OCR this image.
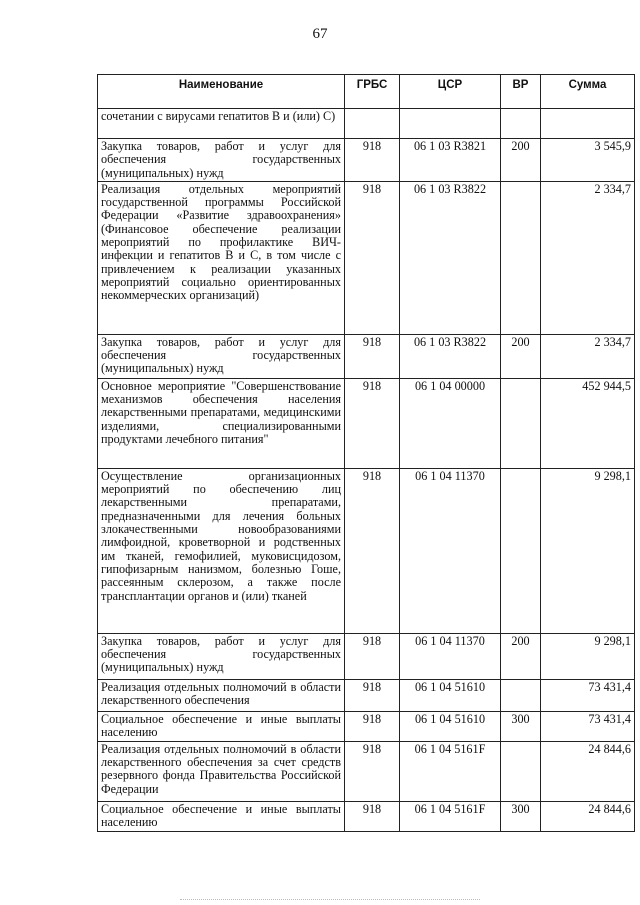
67
Наименование	ГРБС	ЦСР	ВР	Сумма
сочетании с вирусами гепатитов В и (или) С)				
Закупка товаров, работ и услуг для обеспечения государственных (муниципальных) нужд	918	06 1 03 R3821	200	3 545,9
Реализация отдельных мероприятий государственной программы Российской Федерации «Развитие здравоохранения» (Финансовое обеспечение реализации мероприятий по профилактике ВИЧ-инфекции и гепатитов В и С, в том числе с привлечением к реализации указанных мероприятий социально ориентированных некоммерческих организаций)	918	06 1 03 R3822		2 334,7
Закупка товаров, работ и услуг для обеспечения государственных (муниципальных) нужд	918	06 1 03 R3822	200	2 334,7
Основное мероприятие "Совершенствование механизмов обеспечения населения лекарственными препаратами, медицинскими изделиями, специализированными продуктами лечебного питания"	918	06 1 04 00000		452 944,5
Осуществление организационных мероприятий по обеспечению лиц лекарственными препаратами, предназначенными для лечения больных злокачественными новообразованиями лимфоидной, кроветворной и родственных им тканей, гемофилией, муковисцидозом, гипофизарным нанизмом, болезнью Гоше, рассеянным склерозом, а также после трансплантации органов и (или) тканей	918	06 1 04 11370		9 298,1
Закупка товаров, работ и услуг для обеспечения государственных (муниципальных) нужд	918	06 1 04 11370	200	9 298,1
Реализация отдельных полномочий в области лекарственного обеспечения	918	06 1 04 51610		73 431,4
Социальное обеспечение и иные выплаты населению	918	06 1 04 51610	300	73 431,4
Реализация отдельных полномочий в области лекарственного обеспечения за счет средств резервного фонда Правительства Российской Федерации	918	06 1 04 5161F		24 844,6
Социальное обеспечение и иные выплаты населению	918	06 1 04 5161F	300	24 844,6
